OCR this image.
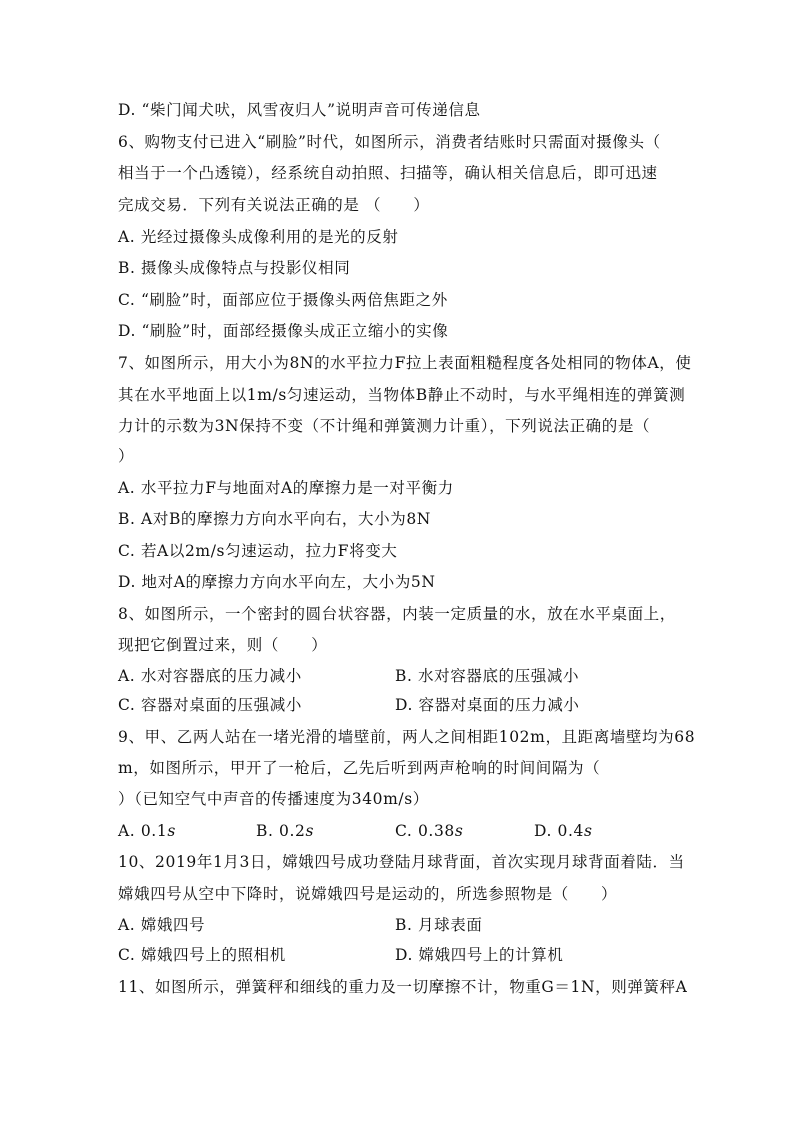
D. “柴门闻犬吠，风雪夜归人”说明声音可传递信息
6、购物支付已进入“刷脸”时代，如图所示，消费者结账时只需面对摄像头（
相当于一个凸透镜），经系统自动拍照、扫描等，确认相关信息后，即可迅速
完成交易．下列有关说法正确的是 （　　）
A. 光经过摄像头成像利用的是光的反射
B. 摄像头成像特点与投影仪相同
C. “刷脸”时，面部应位于摄像头两倍焦距之外
D. “刷脸”时，面部经摄像头成正立缩小的实像
7、如图所示，用大小为8N的水平拉力F拉上表面粗糙程度各处相同的物体A，使
其在水平地面上以1m/s匀速运动，当物体B静止不动时，与水平绳相连的弹簧测
力计的示数为3N保持不变（不计绳和弹簧测力计重），下列说法正确的是（
）
A. 水平拉力F与地面对A的摩擦力是一对平衡力
B. A对B的摩擦力方向水平向右，大小为8N
C. 若A以2m/s匀速运动，拉力F将变大
D. 地对A的摩擦力方向水平向左，大小为5N
8、如图所示，一个密封的圆台状容器，内装一定质量的水，放在水平桌面上，
现把它倒置过来，则（　　）
A. 水对容器底的压力减小	B. 水对容器底的压强减小
C. 容器对桌面的压强减小	D. 容器对桌面的压力减小
9、甲、乙两人站在一堵光滑的墙壁前，两人之间相距102m，且距离墙壁均为68
m，如图所示，甲开了一枪后，乙先后听到两声枪响的时间间隔为（
）（已知空气中声音的传播速度为340m/s）
A. 0.1s	B. 0.2s	C. 0.38s	D. 0.4s
10、2019年1月3日，嫦娥四号成功登陆月球背面，首次实现月球背面着陆．当
嫦娥四号从空中下降时，说嫦娥四号是运动的，所选参照物是（　　）
A. 嫦娥四号	B. 月球表面
C. 嫦娥四号上的照相机	D. 嫦娥四号上的计算机
11、如图所示，弹簧秤和细线的重力及一切摩擦不计，物重G＝1N，则弹簧秤A
